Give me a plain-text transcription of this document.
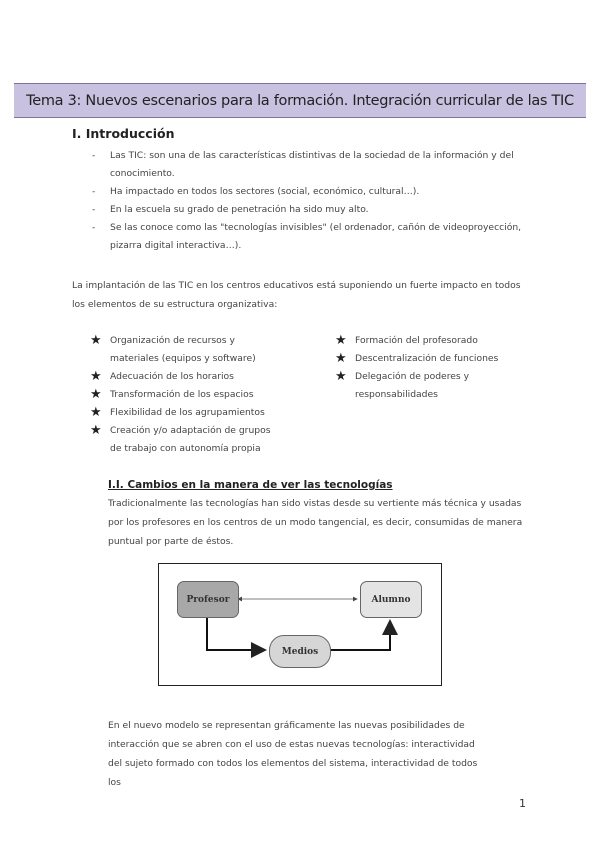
Tema 3: Nuevos escenarios para la formación. Integración curricular de las TIC
I. Introducción
- Las TIC: son una de las características distintivas de la sociedad de la información y del conocimiento.
- Ha impactado en todos los sectores (social, económico, cultural…).
- En la escuela su grado de penetración ha sido muy alto.
- Se las conoce como las "tecnologías invisibles" (el ordenador, cañón de videoproyección, pizarra digital interactiva…).

La implantación de las TIC en los centros educativos está suponiendo un fuerte impacto en todos los elementos de su estructura organizativa:

★ Organización de recursos y materiales (equipos y software)
★ Adecuación de los horarios
★ Transformación de los espacios
★ Flexibilidad de los agrupamientos
★ Creación y/o adaptación de grupos de trabajo con autonomía propia
★ Formación del profesorado
★ Descentralización de funciones
★ Delegación de poderes y responsabilidades
I.I. Cambios en la manera de ver las tecnologías

Tradicionalmente las tecnologías han sido vistas desde su vertiente más técnica y usadas por los profesores en los centros de un modo tangencial, es decir, consumidas de manera puntual por parte de éstos.

Profesor	Alumno
Medios

En el nuevo modelo se representan gráficamente las nuevas posibilidades de interacción que se abren con el uso de estas nuevas tecnologías: interactividad del sujeto formado con todos los elementos del sistema, interactividad de todos los

1
